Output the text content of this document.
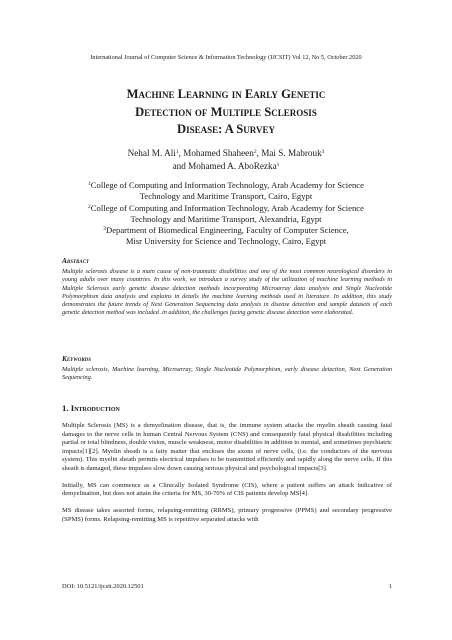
International Journal of Computer Science & Information Technology (IJCSIT) Vol 12, No 5, October 2020
Machine Learning in Early Genetic
Detection of Multiple Sclerosis
Disease: A Survey
Nehal M. Ali$^1$, Mohamed Shaheen$^2$, Mai S. Mabrouk$^3$
and Mohamed A. AboRezka$^1$
$^1$College of Computing and Information Technology, Arab Academy for Science
Technology and Maritime Transport, Cairo, Egypt
$^2$College of Computing and Information Technology, Arab Academy for Science
Technology and Maritime Transport, Alexandria, Egypt
$^3$Department of Biomedical Engineering, Faculty of Computer Science,
Misr University for Science and Technology, Cairo, Egypt
Abstract
Multiple sclerosis disease is a main cause of non-traumatic disabilities and one of the most common neurological disorders in young adults over many countries. In this work, we introduce a survey study of the utilization of machine learning methods in Multiple Sclerosis early genetic disease detection methods incorporating Microarray data analysis and Single Nucleotide Polymorphism data analysis and explains in details the machine learning methods used in literature. In addition, this study demonstrates the future trends of Next Generation Sequencing data analysis in disease detection and sample datasets of each genetic detection method was included .in addition, the challenges facing genetic disease detection were elaborated.
Keywords
Multiple sclerosis, Machine learning, Microarray, Single Nucleotide Polymorphism, early disease detection, Next Generation Sequencing.
1. Introduction

Multiple Sclerosis (MS) is a demyelination disease, that is, the immune system attacks the myelin sheath causing fatal damages to the nerve cells in human Central Nervous System (CNS) and consequently fatal physical disabilities including partial or total blindness, double vision, muscle weakness, motor disabilities in addition to mental, and sometimes psychiatric impacts[1][2]. Myelin sheath is a fatty matter that encloses the axons of nerve cells, (i.e. the conductors of the nervous system). This myelin sheath permits electrical impulses to be transmitted efficiently and rapidly along the nerve cells. If this sheath is damaged, these impulses slow down causing serious physical and psychological impacts[3].

Initially, MS can commence as a Clinically Isolated Syndrome (CIS), where a patient suffers an attack indicative of demyelination, but does not attain the criteria for MS, 30-70% of CIS patients develop MS[4].

MS disease takes assorted forms, relapsing-remitting (RRMS), primary progressive (PPMS) and secondary progressive (SPMS) forms. Relapsing-remitting MS is repetitive separated attacks with

DOI: 10.5121/ijcsit.2020.12501	1
